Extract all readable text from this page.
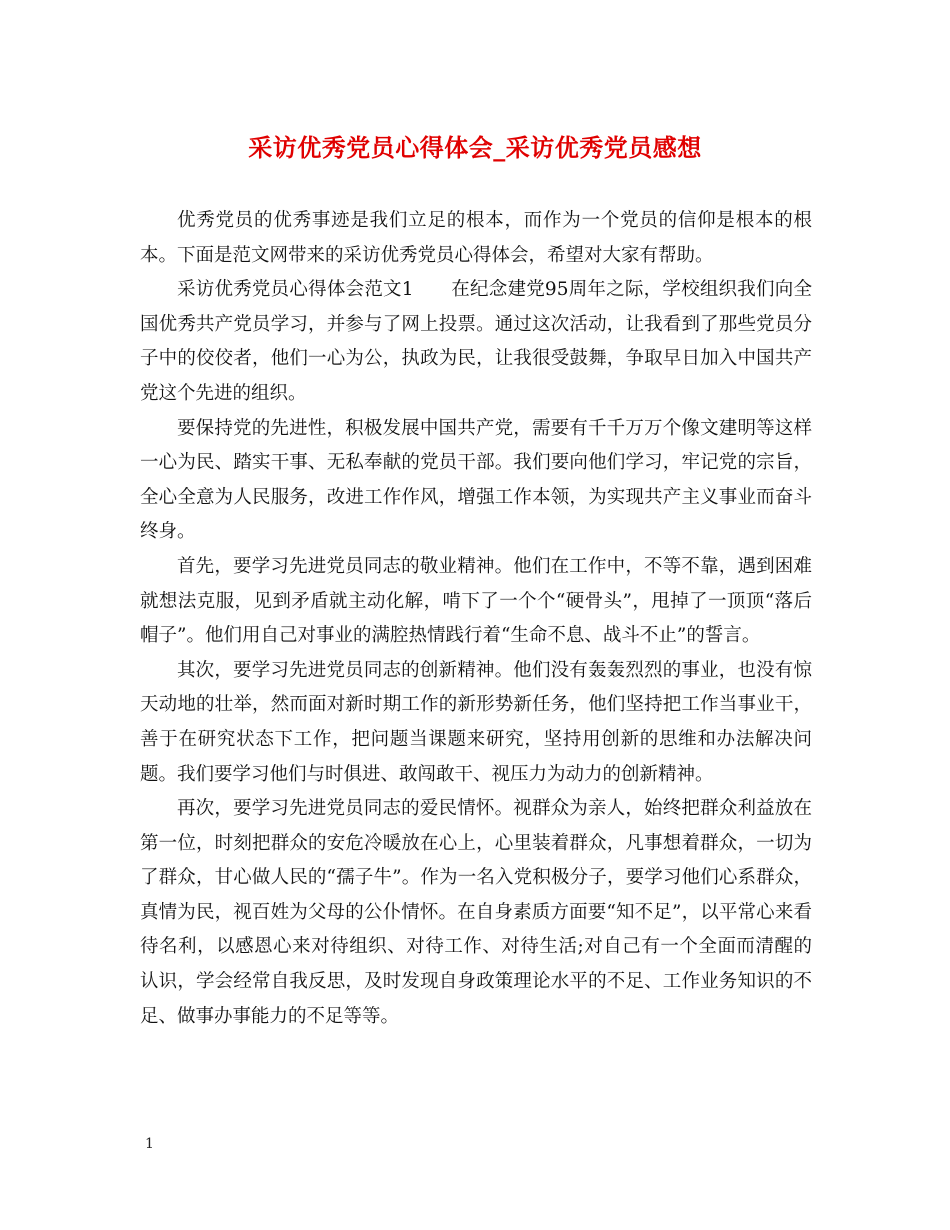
采访优秀党员心得体会_采访优秀党员感想

优秀党员的优秀事迹是我们立足的根本，而作为一个党员的信仰是根本的根本。下面是范文网带来的采访优秀党员心得体会，希望对大家有帮助。

采访优秀党员心得体会范文1　　在纪念建党95周年之际，学校组织我们向全国优秀共产党员学习，并参与了网上投票。通过这次活动，让我看到了那些党员分子中的佼佼者，他们一心为公，执政为民，让我很受鼓舞，争取早日加入中国共产党这个先进的组织。

要保持党的先进性，积极发展中国共产党，需要有千千万万个像文建明等这样一心为民、踏实干事、无私奉献的党员干部。我们要向他们学习，牢记党的宗旨，全心全意为人民服务，改进工作作风，增强工作本领，为实现共产主义事业而奋斗终身。

首先，要学习先进党员同志的敬业精神。他们在工作中，不等不靠，遇到困难就想法克服，见到矛盾就主动化解，啃下了一个个“硬骨头”，甩掉了一顶顶“落后帽子”。他们用自己对事业的满腔热情践行着“生命不息、战斗不止”的誓言。

其次，要学习先进党员同志的创新精神。他们没有轰轰烈烈的事业，也没有惊天动地的壮举，然而面对新时期工作的新形势新任务，他们坚持把工作当事业干，善于在研究状态下工作，把问题当课题来研究，坚持用创新的思维和办法解决问题。我们要学习他们与时俱进、敢闯敢干、视压力为动力的创新精神。

再次，要学习先进党员同志的爱民情怀。视群众为亲人，始终把群众利益放在第一位，时刻把群众的安危冷暖放在心上，心里装着群众，凡事想着群众，一切为了群众，甘心做人民的“孺子牛”。作为一名入党积极分子，要学习他们心系群众，真情为民，视百姓为父母的公仆情怀。在自身素质方面要“知不足”，以平常心来看待名利，以感恩心来对待组织、对待工作、对待生活;对自己有一个全面而清醒的认识，学会经常自我反思，及时发现自身政策理论水平的不足、工作业务知识的不足、做事办事能力的不足等等。

1
